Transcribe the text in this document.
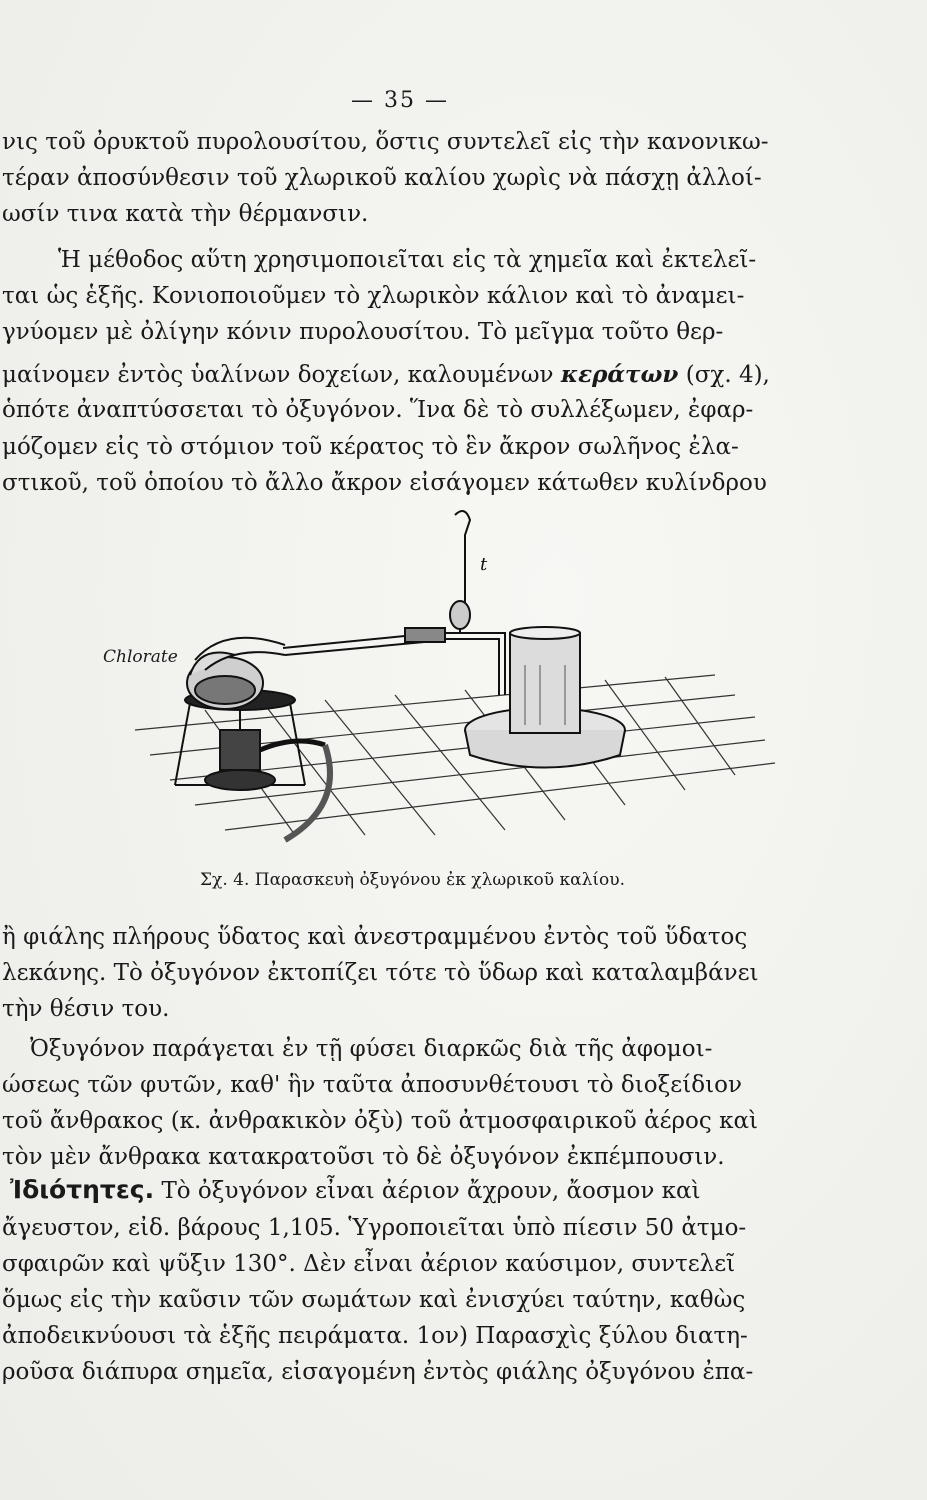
— 35 —
νις τοῦ ὀρυκτοῦ πυρολουσίτου, ὅστις συντελεῖ εἰς τὴν κανονικω-
τέραν ἀποσύνθεσιν τοῦ χλωρικοῦ καλίου χωρὶς νὰ πάσχῃ ἀλλοί-
ωσίν τινα κατὰ τὴν θέρμανσιν.
Ἡ μέθοδος αὕτη χρησιμοποιεῖται εἰς τὰ χημεῖα καὶ ἐκτελεῖ-
ται ὡς ἑξῆς. Κονιοποιοῦμεν τὸ χλωρικὸν κάλιον καὶ τὸ ἀναμει-
γνύομεν μὲ ὀλίγην κόνιν πυρολουσίτου. Τὸ μεῖγμα τοῦτο θερ-
μαίνομεν ἐντὸς ὑαλίνων δοχείων, καλουμένων κεράτων (σχ. 4),
ὁπότε ἀναπτύσσεται τὸ ὀξυγόνον. Ἵνα δὲ τὸ συλλέξωμεν, ἐφαρ-
μόζομεν εἰς τὸ στόμιον τοῦ κέρατος τὸ ἓν ἄκρον σωλῆνος ἐλα-
στικοῦ, τοῦ ὁποίου τὸ ἄλλο ἄκρον εἰσάγομεν κάτωθεν κυλίνδρου
t
Chlorate
Σχ. 4. Παρασκευὴ ὀξυγόνου ἐκ χλωρικοῦ καλίου.
ἢ φιάλης πλήρους ὕδατος καὶ ἀνεστραμμένου ἐντὸς τοῦ ὕδατος
λεκάνης. Τὸ ὀξυγόνον ἐκτοπίζει τότε τὸ ὕδωρ καὶ καταλαμβάνει
τὴν θέσιν του.
Ὀξυγόνον παράγεται ἐν τῇ φύσει διαρκῶς διὰ τῆς ἀφομοι-
ώσεως τῶν φυτῶν, καθ' ἣν ταῦτα ἀποσυνθέτουσι τὸ διοξείδιον
τοῦ ἄνθρακος (κ. ἀνθρακικὸν ὀξὺ) τοῦ ἀτμοσφαιρικοῦ ἀέρος καὶ
τὸν μὲν ἄνθρακα κατακρατοῦσι τὸ δὲ ὀξυγόνον ἐκπέμπουσιν.
Ἰδιότητες. Τὸ ὀξυγόνον εἶναι ἀέριον ἄχρουν, ἄοσμον καὶ
ἄγευστον, εἰδ. βάρους 1,105. Ὑγροποιεῖται ὑπὸ πίεσιν 50 ἀτμο-
σφαιρῶν καὶ ψῦξιν 130°. Δὲν εἶναι ἀέριον καύσιμον, συντελεῖ
ὅμως εἰς τὴν καῦσιν τῶν σωμάτων καὶ ἐνισχύει ταύτην, καθὼς
ἀποδεικνύουσι τὰ ἑξῆς πειράματα. 1ον) Παρασχὶς ξύλου διατη-
ροῦσα διάπυρα σημεῖα, εἰσαγομένη ἐντὸς φιάλης ὀξυγόνου ἐπα-
